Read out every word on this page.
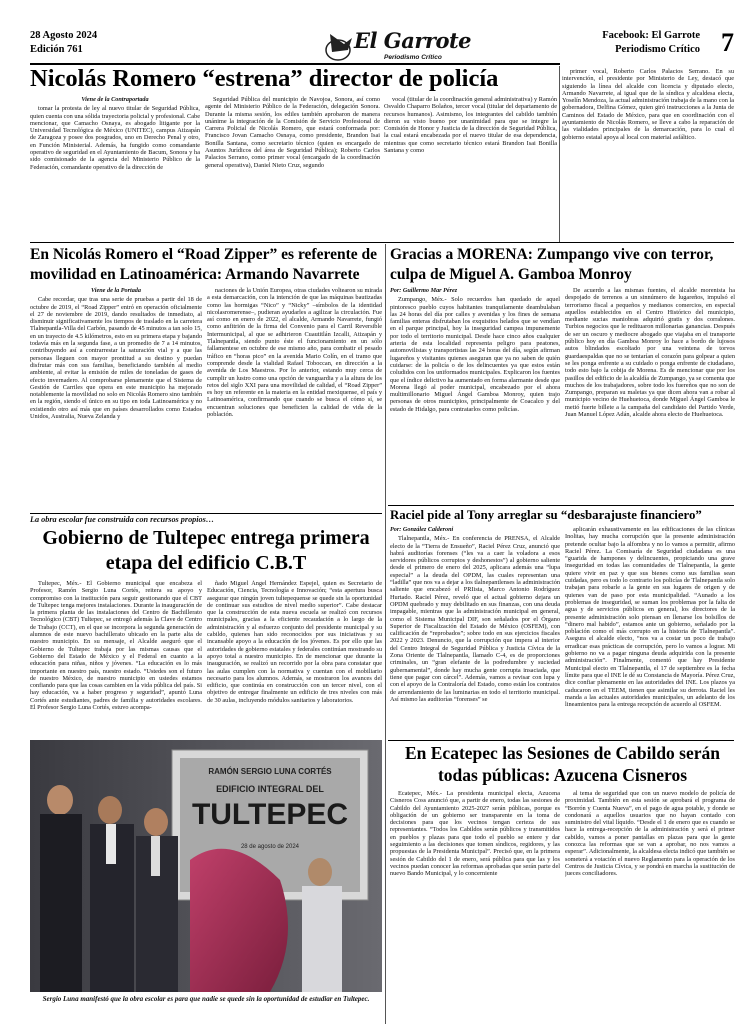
28 Agosto 2024
Edición 761	El Garrote
Periodismo Crítico
Facebook: El Garrote
Periodismo Crítico 7
Nicolás Romero “estrena” director de policía
Viene de la Contraportada

tomar la protesta de ley al nuevo titular de Seguridad Pública, quien cuenta con una sólida trayectoria policial y profesional. Cabe mencionar, que Camacho Osnaya, es abogado litigante por la Universidad Tecnológica de México (UNITEC), campus Atizapán de Zaragoza y posee dos posgrados, uno en Derecho Penal y otro, en Función Ministerial. Además, ha fungido como comandante operativo de seguridad en el Ayuntamiento de Bacum, Sonora y ha sido comisionado de la agencia del Ministerio Público de la Federación, comandante operativo de la dirección de

Seguridad Pública del municipio de Navojoa, Sonora, así como agente del Ministerio Público de la Federación, delegación Sonora. Durante la misma sesión, los ediles también aprobaron de manera unánime la integración de la Comisión de Servicio Profesional de Carrera Policial de Nicolás Romero, que estará conformada por: Francisco Jovan Camacho Osnaya, como presidente, Brandon Isai Bonilla Santana, como secretario técnico (quien es encargado de Asuntos Jurídicos del área de Seguridad Pública); Roberto Carlos Palacios Serrano, como primer vocal (encargado de la coordinación general operativa), Daniel Nieto Cruz, segundo

vocal (titular de la coordinación general administrativa) y Ramón Osvaldo Chaparro Bolaños, tercer vocal (titular del departamento de recursos humanos). Asimismo, los integrantes del cabildo también dieron su visto bueno por unanimidad para que se integre la Comisión de Honor y Justicia de la dirección de Seguridad Pública, la cual estará encabezada por el nuevo titular de esa dependencia, mientras que como secretario técnico estará Brandon Isai Bonilla Santana y como

primer vocal, Roberto Carlos Palacios Serrano. En su intervención, el presidente por Ministerio de Ley, destacó que siguiendo la línea del alcalde con licencia y diputado electo, Armando Navarrete, al igual que de la síndica y alcaldesa electa, Yoselín Mendoza, la actual administración trabaja de la mano con la gobernadora, Delfina Gómez, quien giró instrucciones a la Junta de Caminos del Estado de México, para que en coordinación con el ayuntamiento de Nicolás Romero, se lleve a cabo la reparación de las vialidades principales de la demarcación, para lo cual el gobierno estatal apoya al local con material asfáltico.

En Nicolás Romero el “Road Zipper” es referente de movilidad en Latinoamérica: Armando Navarrete
Viene de la Portada

Cabe recordar, que tras una serie de pruebas a partir del 18 de octubre de 2019, el “Road Zipper” entró en operación oficialmente el 27 de noviembre de 2019, dando resultados de inmediato, al disminuir significativamente los tiempos de traslado en la carretera Tlalnepantla-Villa del Carbón, pasando de 45 minutos a tan solo 15, en un trayecto de 4.5 kilómetros, esto en su primera etapa y bajando todavía más en la segunda fase, a un promedio de 7 a 14 minutos, contribuyendo así a contrarrestar la saturación vial y a que las personas lleguen con mayor prontitud a su destino y puedan disfrutar más con sus familias, beneficiando también al medio ambiente, al evitar la emisión de miles de toneladas de gases de efecto invernadero. Al comprobarse plenamente que el Sistema de Gestión de Carriles que opera en este municipio ha mejorado notablemente la movilidad no solo en Nicolás Romero sino también en la región, siendo el único en su tipo en toda Latinoamérica y no existiendo otro así más que en países desarrollados como Estados Unidos, Australia, Nueva Zelanda y

naciones de la Unión Europea, otras ciudades voltearon su mirada a esta demarcación, con la intención de que las máquinas bautizadas como las hormigas “Nico” y “Nicky” –símbolos de la identidad nicolasromerense–, pudieran ayudarles a agilizar la circulación. Fue así como en enero de 2022, el alcalde, Armando Navarrete, fungió como anfitrión de la firma del Convenio para el Carril Reversible Intermunicipal, al que se adhirieron Cuautitlán Izcalli, Atizapán y Tlalnepantla, siendo punto éste el funcionamiento en un sólo fallamentese en octubre de ese mismo año, para combatir el pesado tráfico en “horas pico” en la avenida Mario Colín, en el tramo que comprende desde la vialidad Rafael Toboccan, en dirección a la avenida de Los Maestros. Por lo anterior, estando muy cerca de cumplir un lustro como una opción de vanguardia y a la altura de los retos del siglo XXI para una movilidad de calidad, el “Road Zipper” es hoy un referente en la materia en la entidad mexiquense, el país y Latinoamérica, confirmando que cuando se busca el cómo sí, se encuentran soluciones que beneficien la calidad de vida de la población.

Gracias a MORENA: Zumpango vive con terror, culpa de Miguel A. Gamboa Monroy
Por: Guillermo Mar Pérez

Zumpango, Méx.- Solo recuerdos han quedado de aquel pintoresco pueblo cuyos habitantes tranquilamente deambulaban las 24 horas del día por calles y avenidas y los fines de semana familias enteras disfrutaban los exquisitos helados que se vendían en el parque principal, hoy la inseguridad campea impunemente por todo el territorio municipal. Desde hace cinco años cualquier arteria de esta localidad representa peligro para peatones, automovilistas y transportistas las 24 horas del día, según afirman lugareños y visitantes quienes aseguran que ya no saben de quién cuidarse: de la policía o de los delincuentes ya que estos están coludidos con los uniformados municipales. Explicaron los fuentes que el índice delictivo ha aumentado en forma alarmante desde que Morena llegó al poder municipal, encabezado por el ahora multimillonario Miguel Ángel Gamboa Monroy, quien trajo personas de otros municipios, principalmente de Coacalco y del estado de Hidalgo, para contratarlos como policías.

De acuerdo a las mismas fuentes, el alcalde morenista ha despojado de terrenos a un sinnúmero de lugareños, impulsó el terrorismo fiscal a pequeños y medianos comercios, en especial aquellos establecidos en el Centro Histórico del municipio, mediante sucias maniobras adquirió gratis y dos corralones. Turbios negocios que le redituaron millonarias ganancias. Después de ser un oscuro y mediocre abogado que viajaba en el transporte público hoy en día Gamboa Monroy lo hace a bordo de lujosos autos blindados escoltado por una veintena de torvos guardaespaldas que no se tentarían el corazón para golpear a quien se les ponga enfrente a su cuidado o ponga enfrente de ciudadano, todo esto bajo la cobija de Morena. Es de mencionar que por los pasillos del edificio de la alcaldía de Zumpango, ya se comenta que muchos de los trabajadores, sobre todo los fuereños que no son de Zumpango, preparan su maletas ya que dicen ahora van a robar al municipio vecino de Huehuetoca, donde Miguel Ángel Gamboa le metió fuerte billete a la campaña del candidato del Partido Verde, Juan Manuel López Adán, alcalde ahora electo de Huehuetoca.

Raciel pide al Tony arreglar su “desbarajuste financiero”
Por: González Calderoni

Tlalnepantla, Méx.- En conferencia de PRENSA, el Alcalde electo de la “Tierra de Ensueño”, Raciel Pérez Cruz, anunció que habrá auditorías forenses (“les va a caer la voladora a esos servidores públicos corruptos y deshonestos”) al gobierno saliente desde el primero de enero del 2025, aplicara además una “lupa especial” a la deuda del OPDM, las cuales representan una “ladilla” que nos va a dejar a los tlalnepantlenses la administración saliente que encabezó el PRIista, Marco Antonio Rodríguez Hurtado. Raciel Pérez, reveló que el actual gobierno dejara un OPDM quebrado y muy debilitado en sus finanzas, con una deuda impagable, mientras que la administración municipal en general, como el Sistema Municipal DIF, son señalados por el Órgano Superior de Fiscalización del Estado de México (OSFEM), con calificación de “reprobados”; sobre todo en sus ejercicios fiscales 2022 y 2023. Denuncio, que la corrupción que impera al interior del Centro Integral de Seguridad Pública y Justicia Cívica de la Zona Oriente de Tlalnepantla, llamado C-4, es de proporciones criminales, un “gran elefante de la podredumbre y suciedad gubernamental”, donde hay mucha gente corrupta insaciada, que tiene que pagar con cárcel”. Además, vamos a revisar con lupa y con el apoyo de la Contraloría del Estado, como están los contratos de arrendamiento de las luminarias en todo el territorio municipal. Así mismo las auditorías “forenses” se

aplicarán exhaustivamente en las edificaciones de las clínicas Inolitas, hay mucha corrupción que la presente administración pretende ocultar bajo la alfombra y no lo vamos a permitir, afirmo Raciel Pérez. La Comisaría de Seguridad ciudadana es una “guarida de hampones y delincuentes, propiciando una grave inseguridad en todas las comunidades de Tlalnepantla, la gente quiere vivir en paz y que sus bienes como sus familias sean cuidadas, pero es todo lo contrario los policías de Tlalnepantla solo trabajan para robarle a la gente en sus lugares de origen y de quienes van de paso por esta municipalidad. “Aunado a los problemas de inseguridad, se suman los problemas por la falta de agua y de servicios públicos en general, los directores de la presente administración solo piensan en llenarse los bolsillos de “dinero mal habido”, estamos ante un gobierno, señalado por la población como el más corrupto en la historia de Tlalnepantla”. Asegura el alcalde electo, “nos va a costar un poco de trabajo erradicar esas prácticas de corrupción, pero lo vamos a lograr. Mi gobierno no va a pagar ninguna deuda adquirida con la presente administración”. Finalmente, comentó que hay Presidente Municipal electo en Tlalnepantla, el 17 de septiembre es la fecha límite para que el INE le dé su Constancia de Mayoría. Pérez Cruz, dice confiar plenamente en las autoridades del INE. Los plazos ya caducaron en el TEEM, tienen que asimilar su derrota. Raciel les manda a las actuales autoridades municipales, un adelanto de los lineamientos para la entrega recepción de acuerdo al OSFEM.

En Ecatepec las Sesiones de Cabildo serán todas públicas: Azucena Cisneros

Ecatepec, Méx.- La presidenta municipal electa, Azucena Cisneros Coss anunció que, a partir de enero, todas las sesiones de Cabildo del Ayuntamiento 2025-2027 serán públicas, porque es obligación de un gobierno ser transparente en la toma de decisiones para que los vecinos tengan certeza de sus representantes. “Todos los Cabildos serán públicos y transmitidos en pueblos y plazas para que todo el pueblo se entere y dar seguimiento a las decisiones que tomen síndicos, regidores, y las propuestas de la Presidenta Municipal”. Precisó que, en la primera sesión de Cabildo del 1 de enero, será pública para que las y los vecinos puedan conocer las reformas aprobadas que serán parte del nuevo Bando Municipal, y lo concerniente

al tema de seguridad que con un nuevo modelo de policía de proximidad. También en esta sesión se aprobará el programa de “Borrón y Cuenta Nueva”, en el pago de agua potable, y donde se condonará a aquellos usuarios que no hayan contado con suministro del vital líquido. “Desde el 1 de enero que es cuando se hace la entrega-recepción de la administración y será el primer cabildo, vamos a poner pantallas en plazas para que la gente conozca las reformas que se van a aprobar, no nos vamos a esperar”. Adicionalmente, la alcaldesa electa indicó que también se someterá a votación el nuevo Reglamento para la operación de los Centros de Justicia Cívica, y se pondrá en marcha la sustitución de jueces conciliadores.

La obra escolar fue construida con recursos propios…
Gobierno de Tultepec entrega primera etapa del edificio C.B.T

Tultepec, Méx.- El Gobierno municipal que encabeza el Profesor, Ramón Sergio Luna Cortés, reitera su apoyo y compromiso con la institución para seguir gestionando que el CBT de Tultepec tenga mejores instalaciones. Durante la inauguración de la primera planta de las instalaciones del Centro de Bachillerato Tecnológico (CBT) Tultepec, se entregó además la Clave de Centro de Trabajo (CCT), en el que se incorpora la segunda generación de alumnos de este nuevo bachillerato ubicado en la parte alta de nuestro municipio. En su mensaje, el Alcalde aseguró que el Gobierno de Tultepec trabaja por las mismas causas que el Gobierno del Estado de México y el Federal en cuanto a la educación para niñas, niños y jóvenes. “La educación es lo más importante en nuestro país, nuestro estado. “Ustedes son el futuro de nuestro México, de nuestro municipio en ustedes estamos confiando para que las cosas cambien en la vida pública del país. Si hay educación, va a haber progreso y seguridad”, apuntó Luna Cortés ante estudiantes, padres de familia y autoridades escolares. El Profesor Sergio Luna Cortés, estuvo acompa-

ñado Miguel Ángel Hernández Espejel, quien es Secretario de Educación, Ciencia, Tecnología e Innovación; “esta apertura busca asegurar que ningún joven tultepequense se quede sin la oportunidad de continuar sus estudios de nivel medio superior”. Cabe destacar que la construcción de esta nueva escuela se realizó con recursos municipales, gracias a la eficiente recaudación a lo largo de la administración y al esfuerzo conjunto del presidente municipal y su cabildo, quienes han sido reconocidos por sus iniciativas y su incansable apoyo a la educación de los jóvenes. Es por ello que las autoridades de gobierno estatales y federales continúan mostrando su apoyo total a nuestro municipio. En de mencionar que durante la inauguración, se realizó un recorrido por la obra para constatar que las aulas cumplen con la normativa y cuentan con el mobiliario necesario para los alumnos. Además, se mostraron los avances del edificio, que continúa en construcción con un tercer nivel, con el objetivo de entregar finalmente un edificio de tres niveles con más de 30 aulas, incluyendo módulos sanitarios y laboratorios.

RAMÓN SERGIO LUNA CORTÉS
EDIFICIO INTEGRAL DEL
TULTEPEC
28 de agosto de 2024
Sergio Luna manifestó que la obra escolar es para que nadie se quede sin la oportunidad de estudiar en Tultepec.
